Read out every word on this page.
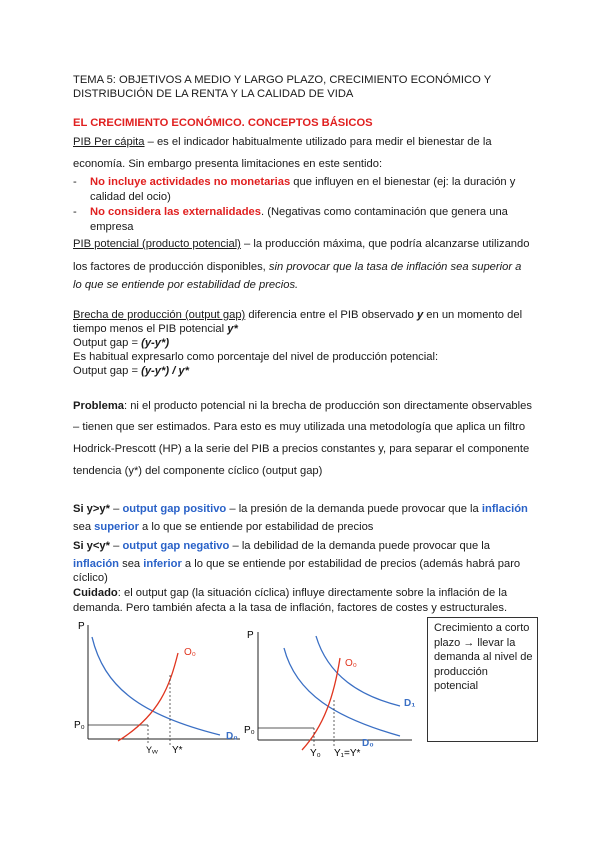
TEMA 5: OBJETIVOS A MEDIO Y LARGO PLAZO, CRECIMIENTO ECONÓMICO Y
DISTRIBUCIÓN DE LA RENTA Y LA CALIDAD DE VIDA
EL CRECIMIENTO ECONÓMICO. CONCEPTOS BÁSICOS
PIB Per cápita – es el indicador habitualmente utilizado para medir el bienestar de la
economía. Sin embargo presenta limitaciones en este sentido:
- No incluye actividades no monetarias que influyen en el bienestar (ej: la duración y
calidad del ocio)
- No considera las externalidades. (Negativas como contaminación que genera una
empresa
PIB potencial (producto potencial) – la producción máxima, que podría alcanzarse utilizando
los factores de producción disponibles, sin provocar que la tasa de inflación sea superior a
lo que se entiende por estabilidad de precios.
Brecha de producción (output gap) diferencia entre el PIB observado y en un momento del
tiempo menos el PIB potencial y*
Output gap = (y-y*)
Es habitual expresarlo como porcentaje del nivel de producción potencial:
Output gap = (y-y*) / y*
Problema: ni el producto potencial ni la brecha de producción son directamente observables
– tienen que ser estimados. Para esto es muy utilizada una metodología que aplica un filtro
Hodrick-Prescott (HP) a la serie del PIB a precios constantes y, para separar el componente
tendencia (y*) del componente cíclico (output gap)
Si y>y* – output gap positivo – la presión de la demanda puede provocar que la inflación
sea superior a lo que se entiende por estabilidad de precios
Si y<y* – output gap negativo – la debilidad de la demanda puede provocar que la
inflación sea inferior a lo que se entiende por estabilidad de precios (además habrá paro
cíclico)
Cuidado: el output gap (la situación cíclica) influye directamente sobre la inflación de la
demanda. Pero también afecta a la tasa de inflación, factores de costes y estructurales.
P
P₀
O₀
D₀
Yᵥᵥ Y*
P
P₀
O₀
D₁
D₀
Y₀ Y₁=Y*
Crecimiento a corto plazo → llevar la demanda al nivel de producción potencial
